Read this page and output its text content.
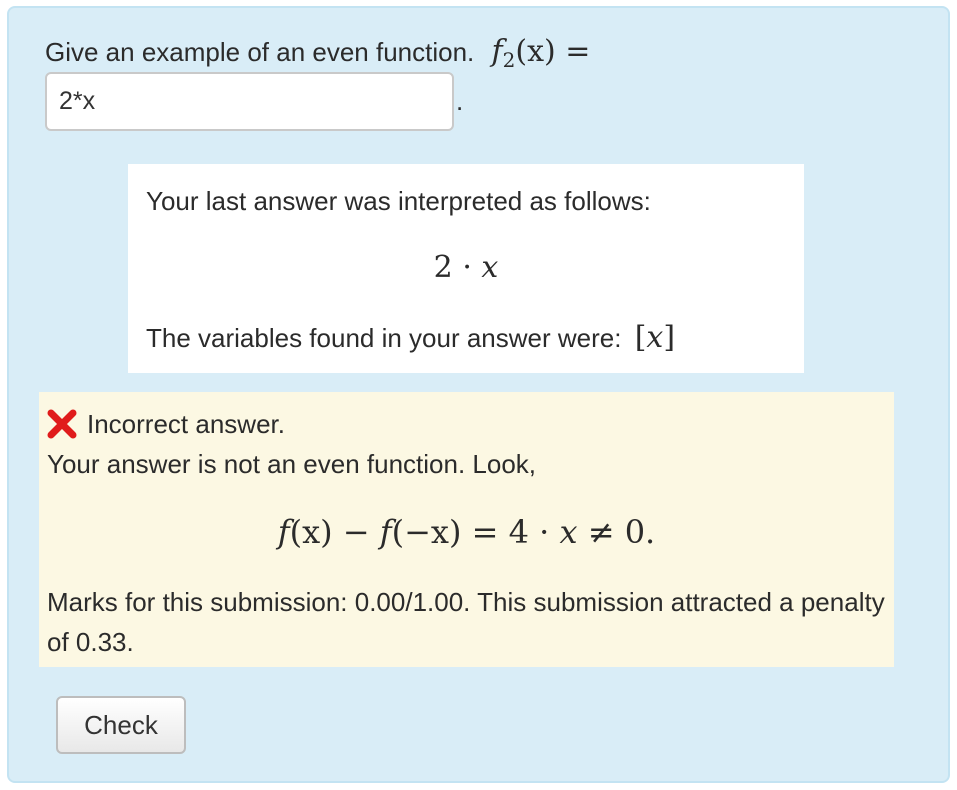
Give an example of an even function. $f_2(x)$ =
2*x
.
Your last answer was interpreted as follows:
2 · x
The variables found in your answer were: [x]
Incorrect answer.
Your answer is not an even function. Look,
f(x) − f(−x) = 4 · x ≠ 0.
Marks for this submission: 0.00/1.00. This submission attracted a penalty of 0.33.
Check
